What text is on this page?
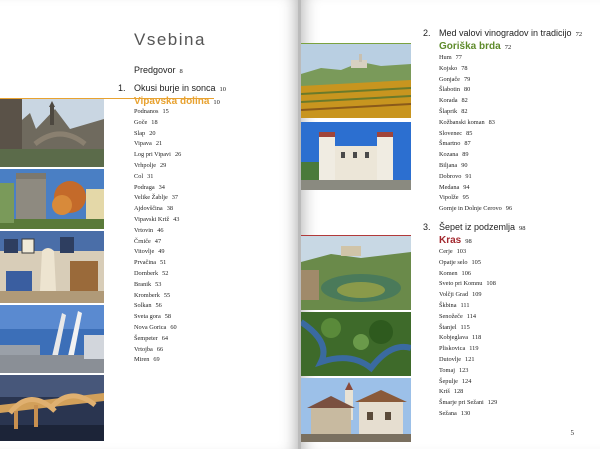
Vsebina
Predgovor 8
1. Okusi burje in sonca 10
Vipavska dolina 10
Podnanos 15
Goče 18
Slap 20
Vipava 21
Log pri Vipavi 26
Vrhpolje 29
Col 31
Podraga 34
Velike Žablje 37
Ajdovščina 38
Vipavski Križ 43
Vrtovin 46
Črniče 47
Vitovlje 49
Prvačina 51
Dornberk 52
Branik 53
Kromberk 55
Solkan 56
Sveta gora 58
Nova Gorica 60
Šempeter 64
Vrtojba 66
Miren 69
2. Med valovi vinogradov in tradicijo 72
Goriška brda 72
Hum 77
Kojsko 78
Gonjače 79
Šlabotin 80
Korada 82
Šlaprik 82
Kožbanski koman 83
Slovenec 85
Šmartno 87
Kozana 89
Biljana 90
Dobrovo 91
Medana 94
Vipolže 95
Gornje in Dolnje Cerovo 96
3. Šepet iz podzemlja 98
Kras 98
Cerje 103
Opatje selo 105
Komen 106
Sveto pri Komnu 108
Volčji Grad 109
Škbina 111
Senožeče 114
Štanjel 115
Kobjeglava 118
Pliskovica 119
Dutovlje 121
Tomaj 123
Šepulje 124
Kriš 128
Šmarje pri Sežani 129
Sežana 130
5
